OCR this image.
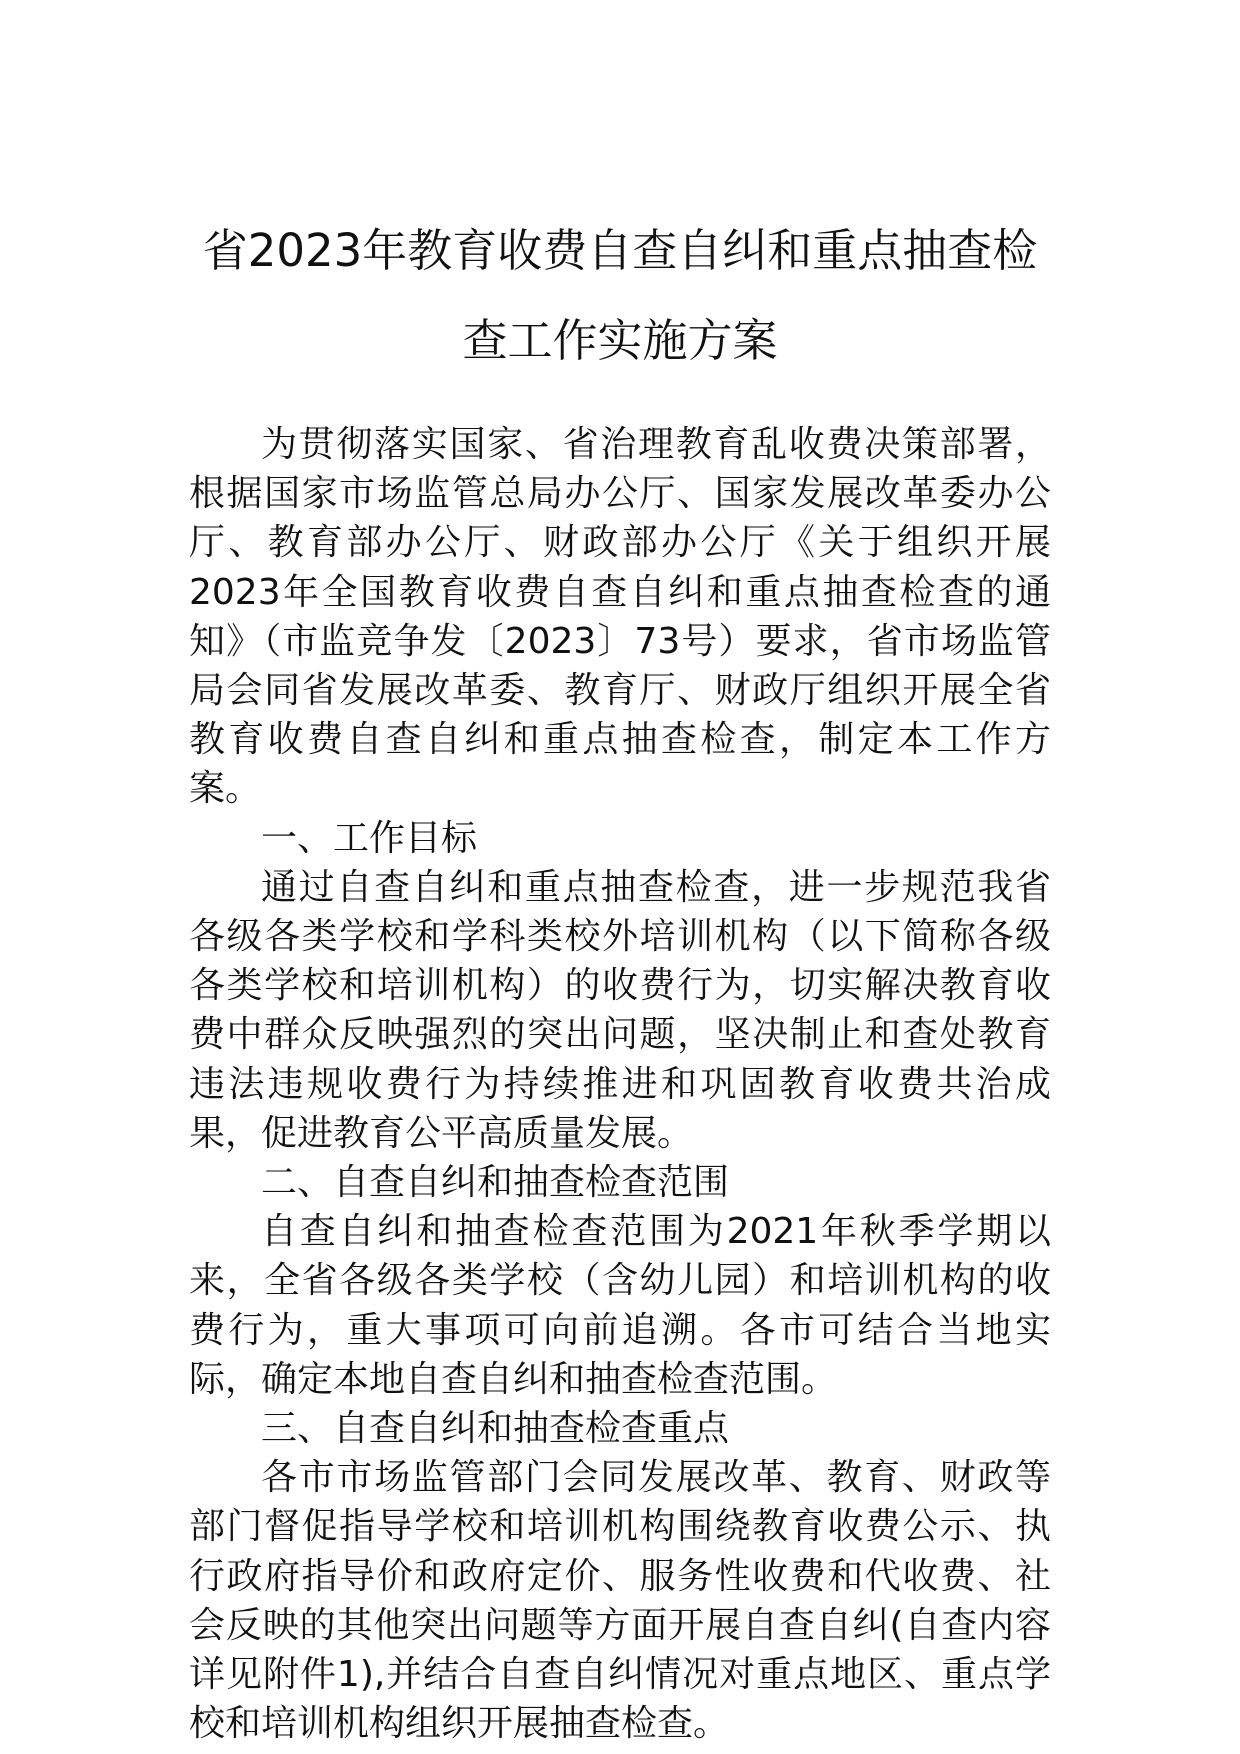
省2023年教育收费自查自纠和重点抽查检查工作实施方案

为贯彻落实国家、省治理教育乱收费决策部署，根据国家市场监管总局办公厅、国家发展改革委办公厅、教育部办公厅、财政部办公厅《关于组织开展2023年全国教育收费自查自纠和重点抽查检查的通知》（市监竞争发〔2023〕73号）要求，省市场监管局会同省发展改革委、教育厅、财政厅组织开展全省教育收费自查自纠和重点抽查检查，制定本工作方案。

一、工作目标

通过自查自纠和重点抽查检查，进一步规范我省各级各类学校和学科类校外培训机构（以下简称各级各类学校和培训机构）的收费行为，切实解决教育收费中群众反映强烈的突出问题，坚决制止和查处教育违法违规收费行为持续推进和巩固教育收费共治成果，促进教育公平高质量发展。

二、自查自纠和抽查检查范围

自查自纠和抽查检查范围为2021年秋季学期以来，全省各级各类学校（含幼儿园）和培训机构的收费行为，重大事项可向前追溯。各市可结合当地实际，确定本地自查自纠和抽查检查范围。

三、自查自纠和抽查检查重点

各市市场监管部门会同发展改革、教育、财政等部门督促指导学校和培训机构围绕教育收费公示、执行政府指导价和政府定价、服务性收费和代收费、社会反映的其他突出问题等方面开展自查自纠(自查内容详见附件1),并结合自查自纠情况对重点地区、重点学校和培训机构组织开展抽查检查。
